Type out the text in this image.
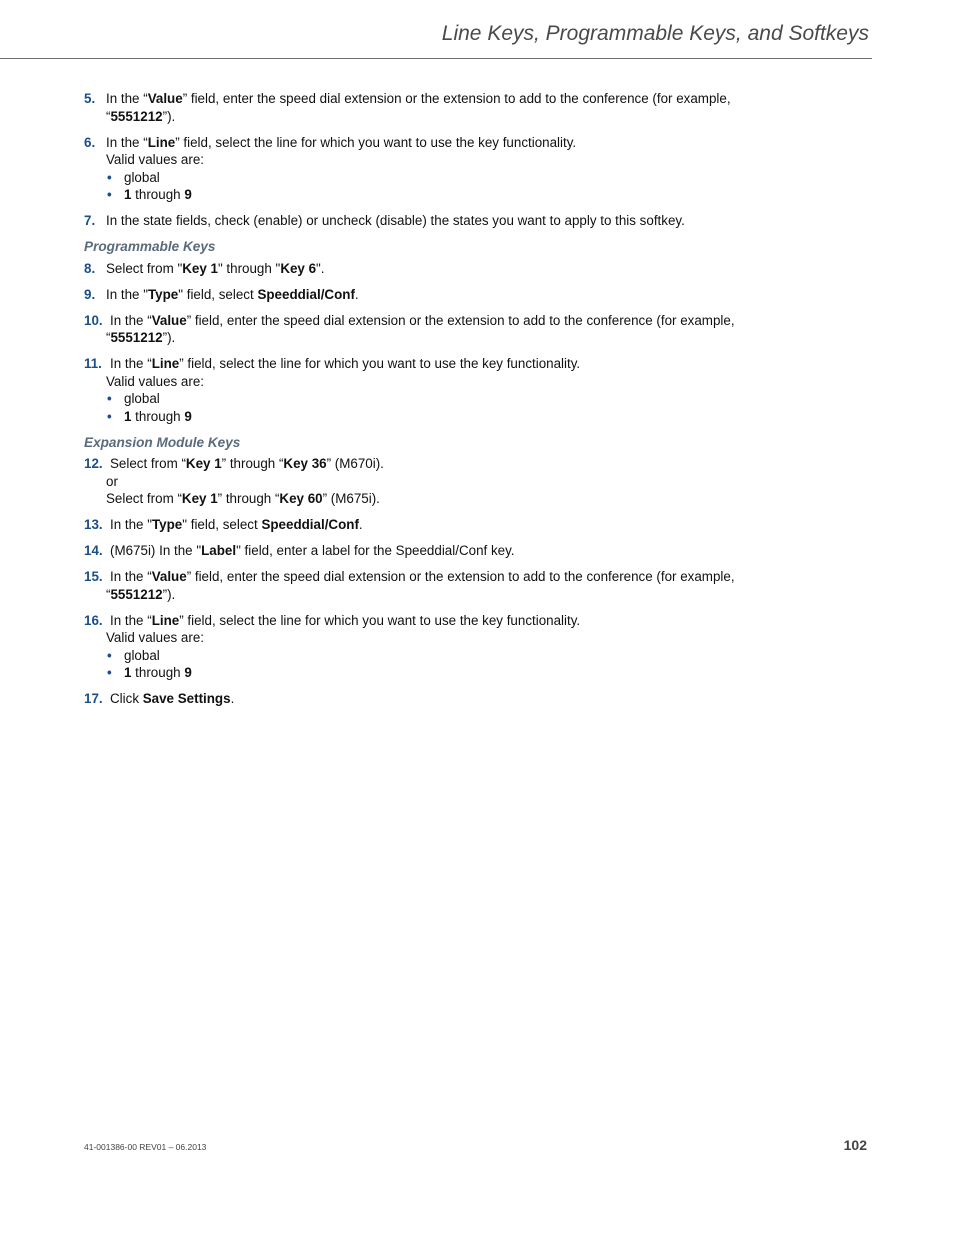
Line Keys, Programmable Keys, and Softkeys
5. In the “Value” field, enter the speed dial extension or the extension to add to the conference (for example,
“5551212”).
6. In the “Line” field, select the line for which you want to use the key functionality.
Valid values are:
• global
• 1 through 9
7. In the state fields, check (enable) or uncheck (disable) the states you want to apply to this softkey.
Programmable Keys
8. Select from "Key 1" through "Key 6".
9. In the "Type" field, select Speeddial/Conf.
10. In the “Value” field, enter the speed dial extension or the extension to add to the conference (for example,
“5551212”).
11. In the “Line” field, select the line for which you want to use the key functionality.
Valid values are:
• global
• 1 through 9
Expansion Module Keys
12. Select from “Key 1” through “Key 36” (M670i).
or
Select from “Key 1” through “Key 60” (M675i).
13. In the "Type" field, select Speeddial/Conf.
14. (M675i) In the "Label" field, enter a label for the Speeddial/Conf key.
15. In the “Value” field, enter the speed dial extension or the extension to add to the conference (for example,
“5551212”).
16. In the “Line” field, select the line for which you want to use the key functionality.
Valid values are:
• global
• 1 through 9
17. Click Save Settings.
41-001386-00 REV01 – 06.2013	102
